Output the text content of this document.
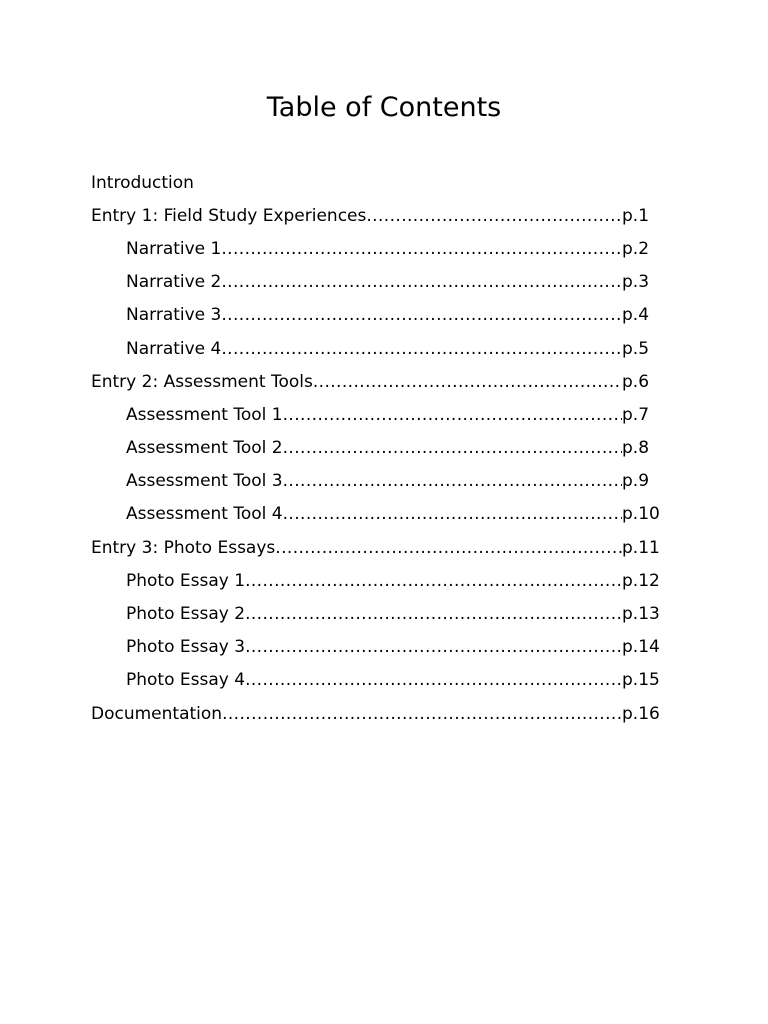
Table of Contents
Introduction
Entry 1: Field Study Experiences .....	p.1
Narrative 1 .....	p.2
Narrative 2 .....	p.3
Narrative 3 .....	p.4
Narrative 4 .....	p.5
Entry 2: Assessment Tools .....	p.6
Assessment Tool 1 .....	p.7
Assessment Tool 2 .....	p.8
Assessment Tool 3 .....	p.9
Assessment Tool 4 .....	p.10
Entry 3: Photo Essays .....	p.11
Photo Essay 1 .....	p.12
Photo Essay 2 .....	p.13
Photo Essay 3 .....	p.14
Photo Essay 4 .....	p.15
Documentation .....	p.16
